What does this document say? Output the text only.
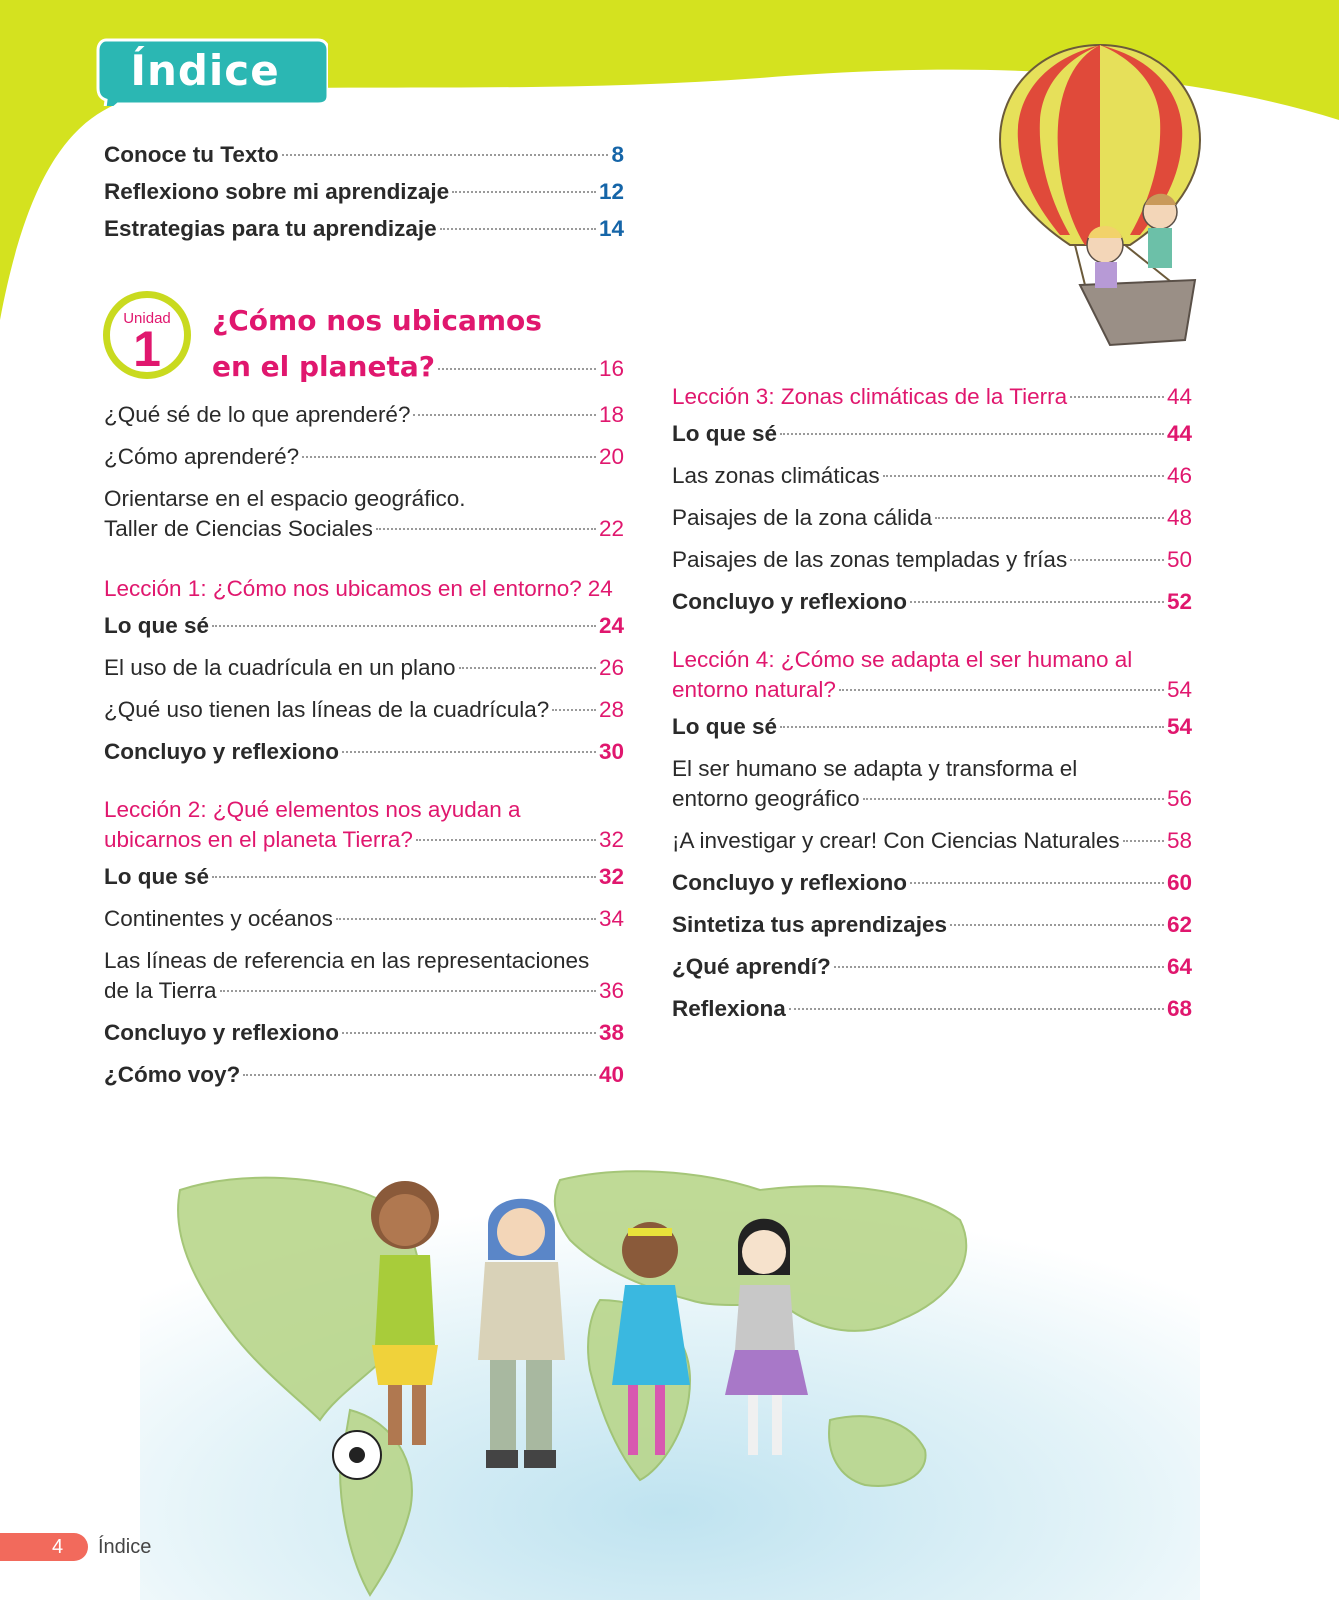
Índice
Conoce tu Texto	8
Reflexiono sobre mi aprendizaje	12
Estrategias para tu aprendizaje	14
Unidad
1
¿Cómo nos ubicamos
en el planeta?	16
¿Qué sé de lo que aprenderé?	18
¿Cómo aprenderé?	20
Orientarse en el espacio geográfico.
Taller de Ciencias Sociales	22
Lección 1: ¿Cómo nos ubicamos en el entorno? 24
Lo que sé	24
El uso de la cuadrícula en un plano	26
¿Qué uso tienen las líneas de la cuadrícula? 28
Concluyo y reflexiono	30
Lección 2: ¿Qué elementos nos ayudan a
ubicarnos en el planeta Tierra?	32
Lo que sé	32
Continentes y océanos	34
Las líneas de referencia en las representaciones
de la Tierra	36
Concluyo y reflexiono	38
¿Cómo voy?	40
Lección 3: Zonas climáticas de la Tierra	44
Lo que sé	44
Las zonas climáticas	46
Paisajes de la zona cálida	48
Paisajes de las zonas templadas y frías	50
Concluyo y reflexiono	52
Lección 4: ¿Cómo se adapta el ser humano al
entorno natural?	54
Lo que sé	54
El ser humano se adapta y transforma el
entorno geográfico	56
¡A investigar y crear! Con Ciencias Naturales 58
Concluyo y reflexiono	60
Sintetiza tus aprendizajes	62
¿Qué aprendí?	64
Reflexiona	68
4 Índice
